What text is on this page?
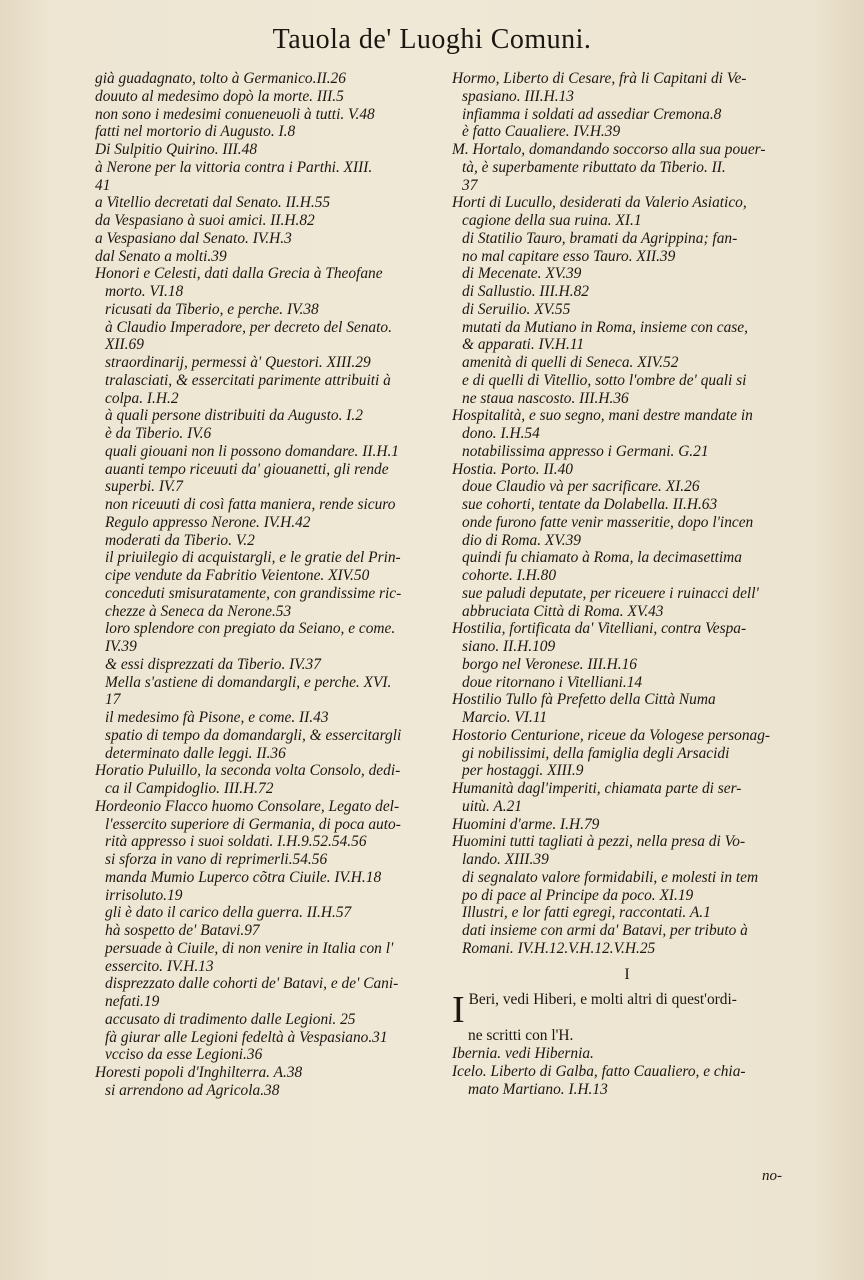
Tauola de' Luoghi Comuni.
già guadagnato, tolto à Germanico.II.26
douuto al medesimo dopò la morte. III.5
non sono i medesimi conueneuoli à tutti. V.48
fatti nel mortorio di Augusto. I.8
Di Sulpitio Quirino. III.48
à Nerone per la vittoria contra i Parthi. XIII.
41
a Vitellio decretati dal Senato. II.H.55
da Vespasiano à suoi amici. II.H.82
a Vespasiano dal Senato. IV.H.3
dal Senato a molti.39
Honori e Celesti, dati dalla Grecia à Theofane
morto. VI.18
ricusati da Tiberio, e perche. IV.38
à Claudio Imperadore, per decreto del Senato.
XII.69
straordinarij, permessi à' Questori. XIII.29
tralasciati, & essercitati parimente attribuiti à
colpa. I.H.2
à quali persone distribuiti da Augusto. I.2
è da Tiberio. IV.6
quali giouani non li possono domandare. II.H.1
auanti tempo riceuuti da' giouanetti, gli rende
superbi. IV.7
non riceuuti di così fatta maniera, rende sicuro
Regulo appresso Nerone. IV.H.42
moderati da Tiberio. V.2
il priuilegio di acquistargli, e le gratie del Prin-
cipe vendute da Fabritio Veientone. XIV.50
conceduti smisuratamente, con grandissime ric-
chezze à Seneca da Nerone.53
loro splendore con pregiato da Seiano, e come.
IV.39
& essi disprezzati da Tiberio. IV.37
Mella s'astiene di domandargli, e perche. XVI.
17
il medesimo fà Pisone, e come. II.43
spatio di tempo da domandargli, & essercitargli
determinato dalle leggi. II.36
Horatio Puluillo, la seconda volta Consolo, dedi-
ca il Campidoglio. III.H.72
Hordeonio Flacco huomo Consolare, Legato del-
l'essercito superiore di Germania, di poca auto-
rità appresso i suoi soldati. I.H.9.52.54.56
si sforza in vano di reprimerli.54.56
manda Mumio Luperco cõtra Ciuile. IV.H.18
irrisoluto.19
gli è dato il carico della guerra. II.H.57
hà sospetto de' Batavi.97
persuade à Ciuile, di non venire in Italia con l'
essercito. IV.H.13
disprezzato dalle cohorti de' Batavi, e de' Cani-
nefati.19
accusato di tradimento dalle Legioni. 25
fà giurar alle Legioni fedeltà à Vespasiano.31
vcciso da esse Legioni.36
Horesti popoli d'Inghilterra. A.38
si arrendono ad Agricola.38
Hormo, Liberto di Cesare, frà li Capitani di Ve-
spasiano. III.H.13
infiamma i soldati ad assediar Cremona.8
è fatto Caualiere. IV.H.39
M. Hortalo, domandando soccorso alla sua pouer-
tà, è superbamente ributtato da Tiberio. II.
37
Horti di Lucullo, desiderati da Valerio Asiatico,
cagione della sua ruina. XI.1
di Statilio Tauro, bramati da Agrippina; fan-
no mal capitare esso Tauro. XII.39
di Mecenate. XV.39
di Sallustio. III.H.82
di Seruilio. XV.55
mutati da Mutiano in Roma, insieme con case,
& apparati. IV.H.11
amenità di quelli di Seneca. XIV.52
e di quelli di Vitellio, sotto l'ombre de' quali si
ne staua nascosto. III.H.36
Hospitalità, e suo segno, mani destre mandate in
dono. I.H.54
notabilissima appresso i Germani. G.21
Hostia. Porto. II.40
doue Claudio và per sacrificare. XI.26
sue cohorti, tentate da Dolabella. II.H.63
onde furono fatte venir masseritie, dopo l'incen
dio di Roma. XV.39
quindi fu chiamato à Roma, la decimasettima
cohorte. I.H.80
sue paludi deputate, per riceuere i ruinacci dell'
abbruciata Città di Roma. XV.43
Hostilia, fortificata da' Vitelliani, contra Vespa-
siano. II.H.109
borgo nel Veronese. III.H.16
doue ritornano i Vitelliani.14
Hostilio Tullo fà Prefetto della Città Numa
Marcio. VI.11
Hostorio Centurione, riceue da Vologese personag-
gi nobilissimi, della famiglia degli Arsacidi
per hostaggi. XIII.9
Humanità dagl'imperiti, chiamata parte di ser-
uitù. A.21
Huomini d'arme. I.H.79
Huomini tutti tagliati à pezzi, nella presa di Vo-
lando. XIII.39
di segnalato valore formidabili, e molesti in tem
po di pace al Principe da poco. XI.19
Illustri, e lor fatti egregi, raccontati. A.1
dati insieme con armi da' Batavi, per tributo à
Romani. IV.H.12.V.H.12.V.H.25
I
I Beri, vedi Hiberi, e molti altri di quest'ordi-
ne scritti con l'H.
Ibernia. vedi Hibernia.
Icelo. Liberto di Galba, fatto Caualiero, e chia-
mato Martiano. I.H.13
no-
